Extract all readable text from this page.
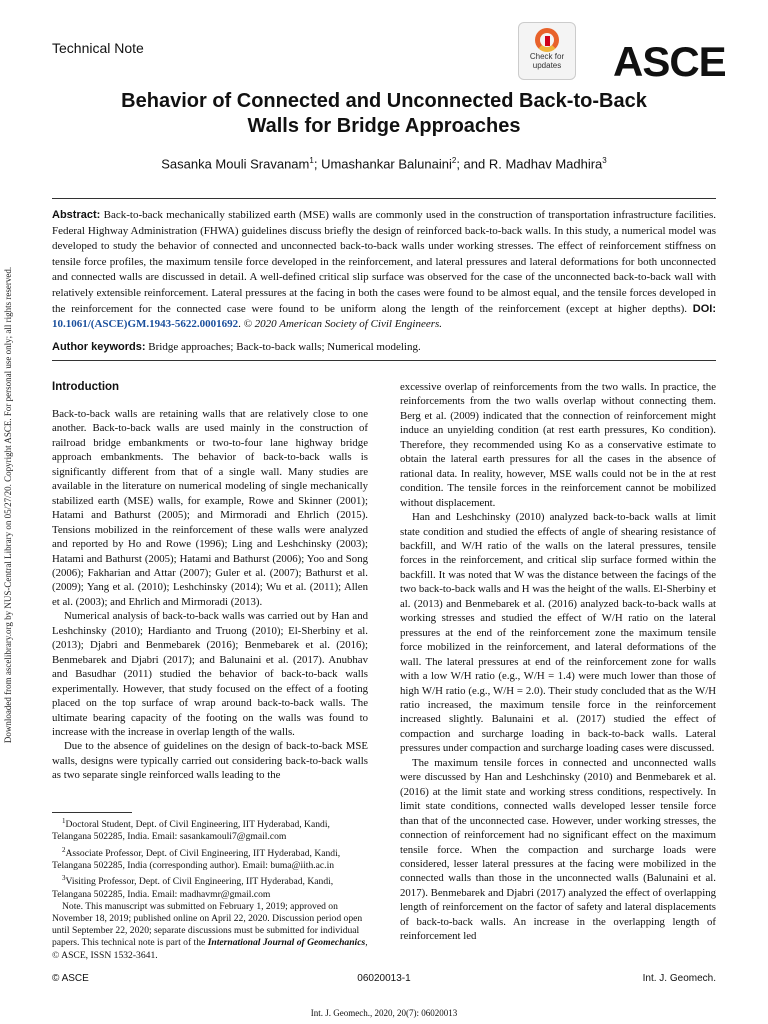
Technical Note
Check for
updates	ASCE
Behavior of Connected and Unconnected Back-to-Back
Walls for Bridge Approaches
Sasanka Mouli Sravanam$^1$; Umashankar Balunaini$^2$; and R. Madhav Madhira$^3$

Abstract: Back-to-back mechanically stabilized earth (MSE) walls are commonly used in the construction of transportation infrastructure facilities. Federal Highway Administration (FHWA) guidelines discuss briefly the design of reinforced back-to-back walls. In this study, a numerical model was developed to study the behavior of connected and unconnected back-to-back walls under working stresses. The effect of reinforcement stiffness on tensile force profiles, the maximum tensile force developed in the reinforcement, and lateral pressures and lateral deformations for both unconnected and connected walls are discussed in detail. A well-defined critical slip surface was observed for the case of the unconnected back-to-back wall with relatively extensible reinforcement. Lateral pressures at the facing in both the cases were found to be almost equal, and the tensile forces developed in the reinforcement for the connected case were found to be uniform along the length of the reinforcement (except at higher depths). DOI: 10.1061/(ASCE)GM.1943-5622.0001692. © 2020 American Society of Civil Engineers.

Author keywords: Bridge approaches; Back-to-back walls; Numerical modeling.

Introduction

Back-to-back walls are retaining walls that are relatively close to one another. Back-to-back walls are used mainly in the construction of railroad bridge embankments or two-to-four lane highway bridge approach embankments. The behavior of back-to-back walls is significantly different from that of a single wall. Many studies are available in the literature on numerical modeling of single mechanically stabilized earth (MSE) walls, for example, Rowe and Skinner (2001); Hatami and Bathurst (2005); and Mirmoradi and Ehrlich (2015). Tensions mobilized in the reinforcement of these walls were analyzed and reported by Ho and Rowe (1996); Ling and Leshchinsky (2003); Hatami and Bathurst (2005); Hatami and Bathurst (2006); Yoo and Song (2006); Fakharian and Attar (2007); Guler et al. (2007); Bathurst et al. (2009); Yang et al. (2010); Leshchinsky (2014); Wu et al. (2011); Allen et al. (2003); and Ehrlich and Mirmoradi (2013).

Numerical analysis of back-to-back walls was carried out by Han and Leshchinsky (2010); Hardianto and Truong (2010); El-Sherbiny et al. (2013); Djabri and Benmebarek (2016); Benmebarek et al. (2016); Benmebarek and Djabri (2017); and Balunaini et al. (2017). Anubhav and Basudhar (2011) studied the behavior of back-to-back walls experimentally. However, that study focused on the effect of a footing placed on the top surface of wrap around back-to-back walls. The ultimate bearing capacity of the footing on the walls was found to increase with the increase in overlap length of the walls.

Due to the absence of guidelines on the design of back-to-back MSE walls, designs were typically carried out considering back-to-back walls as two separate single reinforced walls leading to the

excessive overlap of reinforcements from the two walls. In practice, the reinforcements from the two walls overlap without connecting them. Berg et al. (2009) indicated that the connection of reinforcement might induce an unyielding condition (at rest earth pressures, Ko condition). Therefore, they recommended using Ko as a conservative estimate to obtain the lateral earth pressures for all the cases in the absence of rational data. In reality, however, MSE walls could not be in the at rest condition. The tensile forces in the reinforcement cannot be mobilized without displacement.

Han and Leshchinsky (2010) analyzed back-to-back walls at limit state condition and studied the effects of angle of shearing resistance of backfill, and W/H ratio of the walls on the lateral pressures, tensile forces in the reinforcement, and critical slip surface formed within the backfill. It was noted that W was the distance between the facings of the two back-to-back walls and H was the height of the walls. El-Sherbiny et al. (2013) and Benmebarek et al. (2016) analyzed back-to-back walls at working stresses and studied the effect of W/H ratio on the lateral pressures at the end of the reinforcement zone the maximum tensile force mobilized in the reinforcement, and lateral deformations of the wall. The lateral pressures at end of the reinforcement zone for walls with a low W/H ratio (e.g., W/H = 1.4) were much lower than those of high W/H ratio (e.g., W/H = 2.0). Their study concluded that as the W/H ratio increased, the maximum tensile force in the reinforcement increased slightly. Balunaini et al. (2017) studied the effect of compaction and surcharge loading in back-to-back walls. Lateral pressures under compaction and surcharge loading cases were discussed.

The maximum tensile forces in connected and unconnected walls were discussed by Han and Leshchinsky (2010) and Benmebarek et al. (2016) at the limit state and working stress conditions, respectively. In limit state conditions, connected walls developed lesser tensile force than that of the unconnected case. However, under working stresses, the connection of reinforcement had no significant effect on the maximum tensile force. When the compaction and surcharge loads were considered, lesser lateral pressures at the facing were mobilized in the connected walls than those in the unconnected walls (Balunaini et al. 2017). Benmebarek and Djabri (2017) analyzed the effect of overlapping length of reinforcement on the factor of safety and lateral displacements of back-to-back walls. An increase in the overlapping length of reinforcement led

$^1$Doctoral Student, Dept. of Civil Engineering, IIT Hyderabad, Kandi, Telangana 502285, India. Email: sasankamouli7@gmail.com

$^2$Associate Professor, Dept. of Civil Engineering, IIT Hyderabad, Kandi, Telangana 502285, India (corresponding author). Email: buma@iith.ac.in

$^3$Visiting Professor, Dept. of Civil Engineering, IIT Hyderabad, Kandi, Telangana 502285, India. Email: madhavmr@gmail.com

Note. This manuscript was submitted on February 1, 2019; approved on November 18, 2019; published online on April 22, 2020. Discussion period open until September 22, 2020; separate discussions must be submitted for individual papers. This technical note is part of the International Journal of Geomechanics, © ASCE, ISSN 1532-3641.

© ASCE	06020013-1	Int. J. Geomech.
Int. J. Geomech., 2020, 20(7): 06020013
Downloaded from ascelibrary.org by NUS-Central Library on 05/27/20. Copyright ASCE. For personal use only; all rights reserved.
